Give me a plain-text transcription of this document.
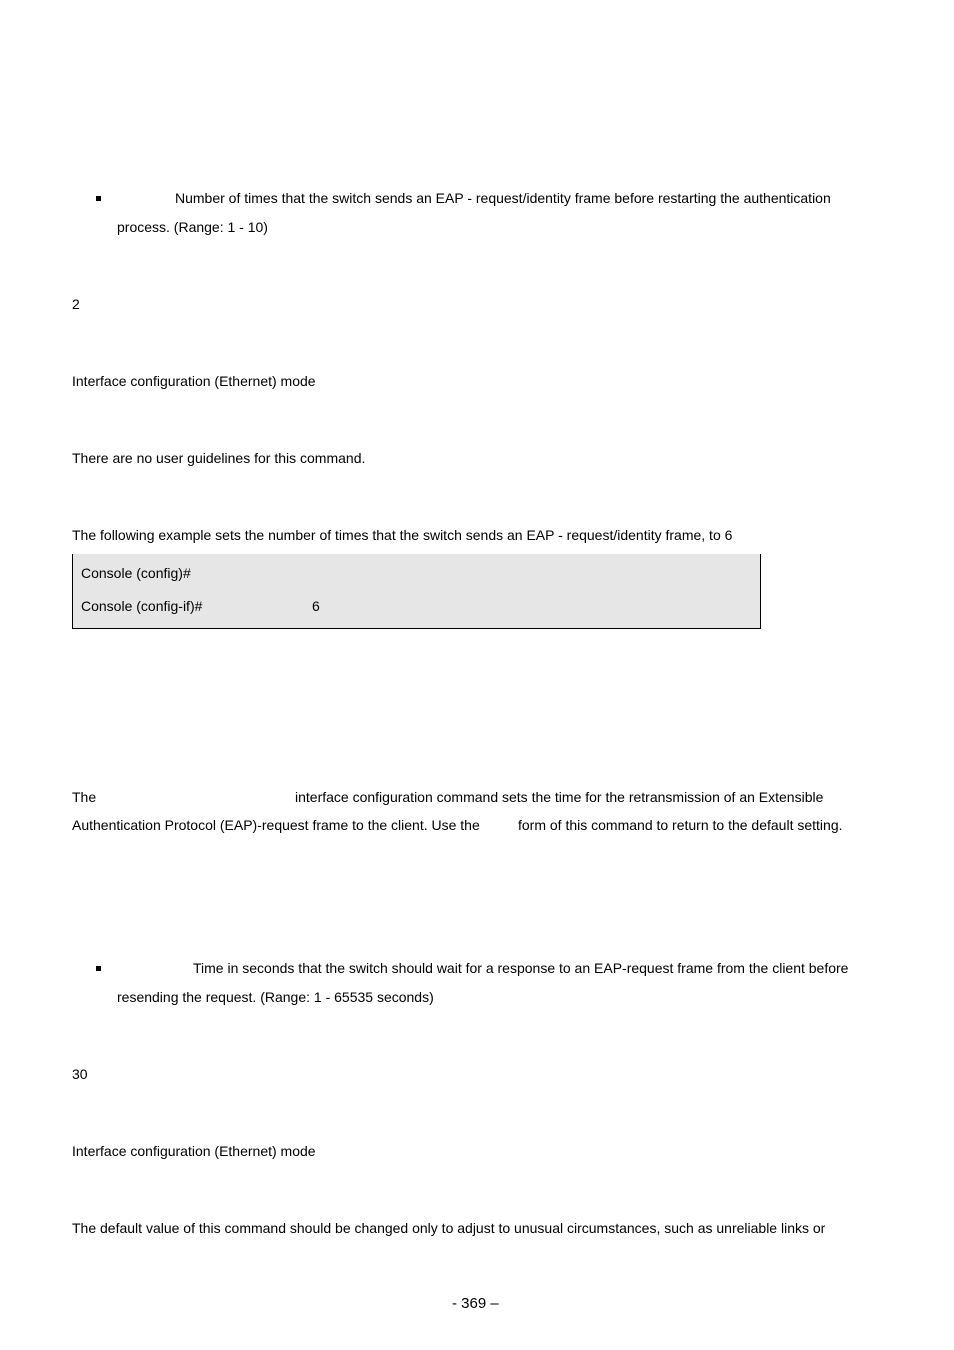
Number of times that the switch sends an EAP - request/identity frame before restarting the authentication
process. (Range: 1 - 10)
2
Interface configuration (Ethernet) mode
There are no user guidelines for this command.
The following example sets the number of times that the switch sends an EAP - request/identity frame, to 6
Console (config)#
Console (config-if)#	6
The	interface configuration command sets the time for the retransmission of an Extensible
Authentication Protocol (EAP)-request frame to the client. Use the	form of this command to return to the default setting.
Time in seconds that the switch should wait for a response to an EAP-request frame from the client before
resending the request. (Range: 1 - 65535 seconds)
30
Interface configuration (Ethernet) mode
The default value of this command should be changed only to adjust to unusual circumstances, such as unreliable links or
- 369 –
